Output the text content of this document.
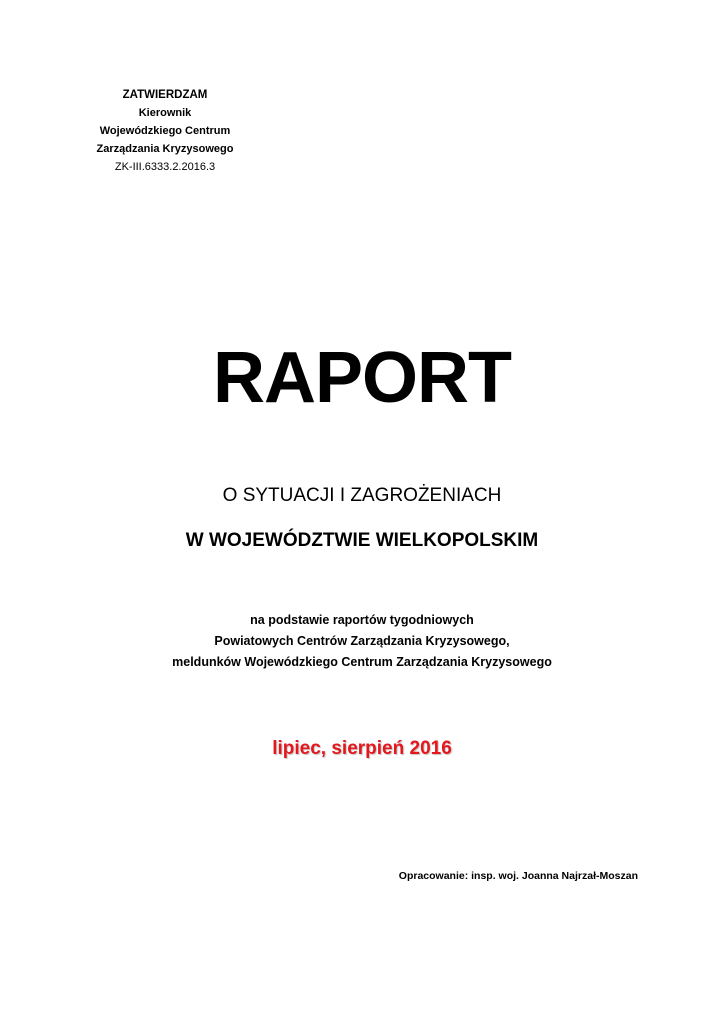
ZATWIERDZAM
Kierownik
Wojewódzkiego Centrum
Zarządzania Kryzysowego
ZK-III.6333.2.2016.3
RAPORT
O SYTUACJI I ZAGROŻENIACH
W WOJEWÓDZTWIE WIELKOPOLSKIM
na podstawie raportów tygodniowych
Powiatowych Centrów Zarządzania Kryzysowego,
meldunków Wojewódzkiego Centrum Zarządzania Kryzysowego
lipiec, sierpień 2016
Opracowanie: insp. woj. Joanna Najrzał-Moszan
